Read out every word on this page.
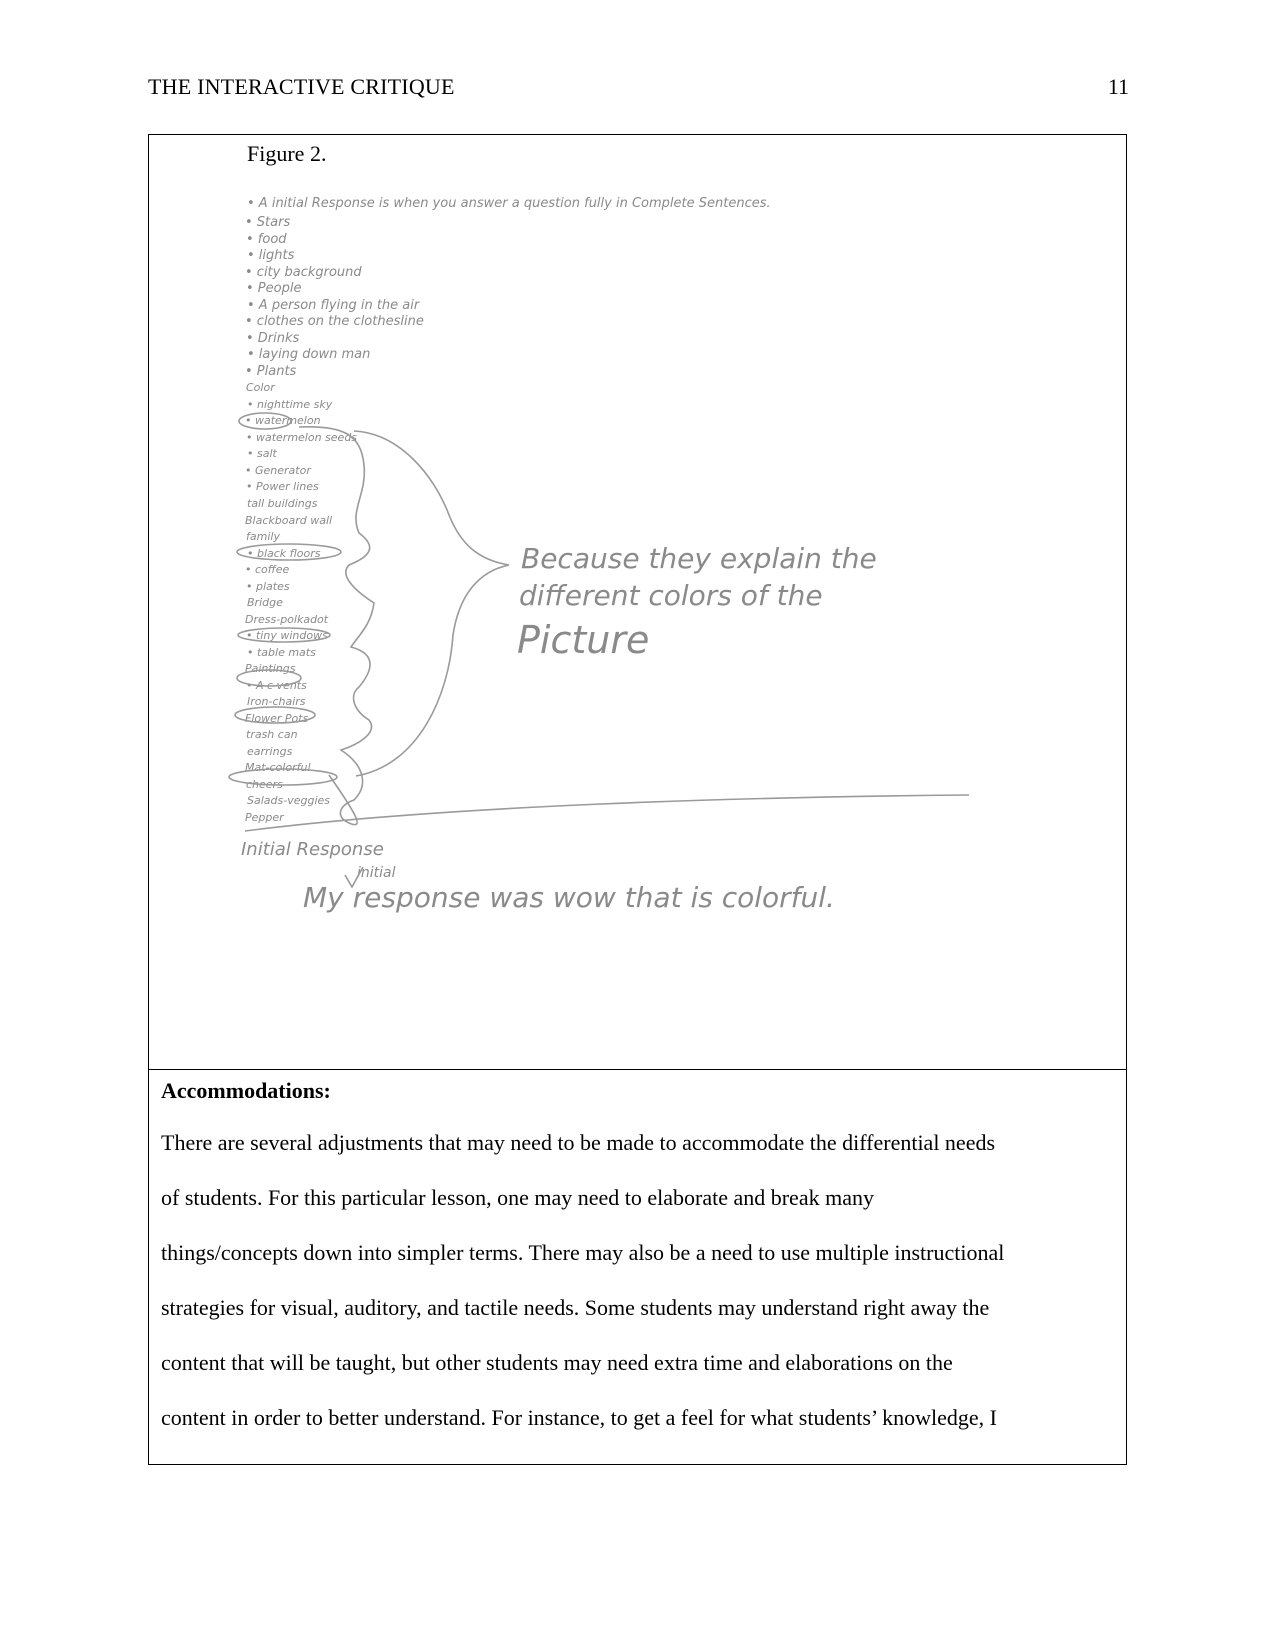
THE INTERACTIVE CRITIQUE	11
Figure 2.
• A initial Response is when you answer a question fully in Complete Sentences.
• Stars
• food
• lights
• city background
• People
• A person flying in the air
• clothes on the clothesline
• Drinks
• laying down man
• Plants
Color
• nighttime sky
• watermelon
• watermelon seeds
• salt
• Generator
• Power lines
tall buildings
Blackboard wall
family
• black floors
• coffee
• plates
Bridge
Dress-polkadot
• tiny windows
• table mats
Paintings
• A c vents
Iron-chairs
Flower Pots
trash can
earrings
Mat-colorful
cheers
Salads-veggies
Pepper
Because they explain the
different colors of the
Picture
Initial Response
initial
My response was wow that is colorful.
Accommodations:
There are several adjustments that may need to be made to accommodate the differential needs
of students. For this particular lesson, one may need to elaborate and break many
things/concepts down into simpler terms. There may also be a need to use multiple instructional
strategies for visual, auditory, and tactile needs. Some students may understand right away the
content that will be taught, but other students may need extra time and elaborations on the
content in order to better understand. For instance, to get a feel for what students’ knowledge, I
